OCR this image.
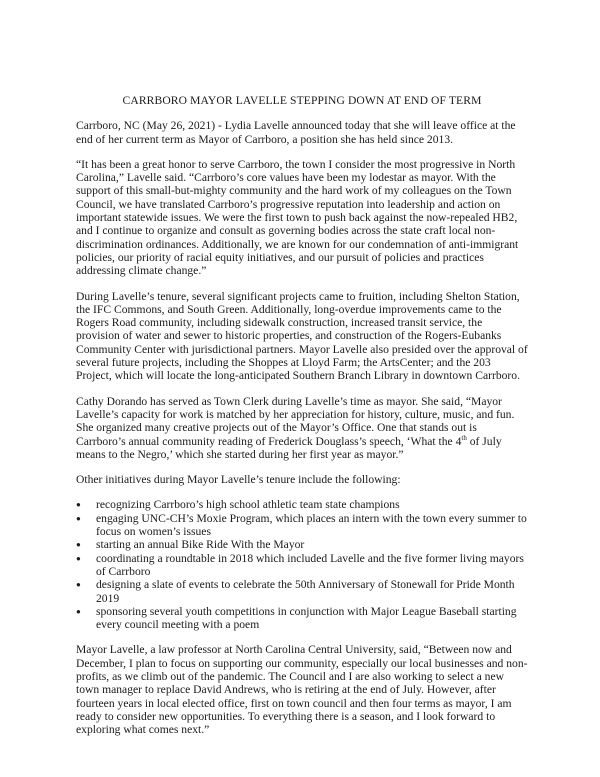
CARRBORO MAYOR LAVELLE STEPPING DOWN AT END OF TERM

Carrboro, NC (May 26, 2021) - Lydia Lavelle announced today that she will leave office at the end of her current term as Mayor of Carrboro, a position she has held since 2013.

“It has been a great honor to serve Carrboro, the town I consider the most progressive in North Carolina,” Lavelle said. “Carrboro’s core values have been my lodestar as mayor. With the support of this small-but-mighty community and the hard work of my colleagues on the Town Council, we have translated Carrboro’s progressive reputation into leadership and action on important statewide issues. We were the first town to push back against the now-repealed HB2, and I continue to organize and consult as governing bodies across the state craft local non-discrimination ordinances. Additionally, we are known for our condemnation of anti-immigrant policies, our priority of racial equity initiatives, and our pursuit of policies and practices addressing climate change.”

During Lavelle’s tenure, several significant projects came to fruition, including Shelton Station, the IFC Commons, and South Green. Additionally, long-overdue improvements came to the Rogers Road community, including sidewalk construction, increased transit service, the provision of water and sewer to historic properties, and construction of the Rogers-Eubanks Community Center with jurisdictional partners. Mayor Lavelle also presided over the approval of several future projects, including the Shoppes at Lloyd Farm; the ArtsCenter; and the 203 Project, which will locate the long-anticipated Southern Branch Library in downtown Carrboro.

Cathy Dorando has served as Town Clerk during Lavelle’s time as mayor. She said, “Mayor Lavelle’s capacity for work is matched by her appreciation for history, culture, music, and fun. She organized many creative projects out of the Mayor’s Office. One that stands out is Carrboro’s annual community reading of Frederick Douglass’s speech, ‘What the 4th of July means to the Negro,’ which she started during her first year as mayor.”

Other initiatives during Mayor Lavelle’s tenure include the following:

● recognizing Carrboro’s high school athletic team state champions
● engaging UNC-CH’s Moxie Program, which places an intern with the town every summer to focus on women’s issues
● starting an annual Bike Ride With the Mayor
● coordinating a roundtable in 2018 which included Lavelle and the five former living mayors of Carrboro
● designing a slate of events to celebrate the 50th Anniversary of Stonewall for Pride Month 2019
● sponsoring several youth competitions in conjunction with Major League Baseball starting every council meeting with a poem

Mayor Lavelle, a law professor at North Carolina Central University, said, “Between now and December, I plan to focus on supporting our community, especially our local businesses and non-profits, as we climb out of the pandemic. The Council and I are also working to select a new town manager to replace David Andrews, who is retiring at the end of July. However, after fourteen years in local elected office, first on town council and then four terms as mayor, I am ready to consider new opportunities. To everything there is a season, and I look forward to exploring what comes next.”
